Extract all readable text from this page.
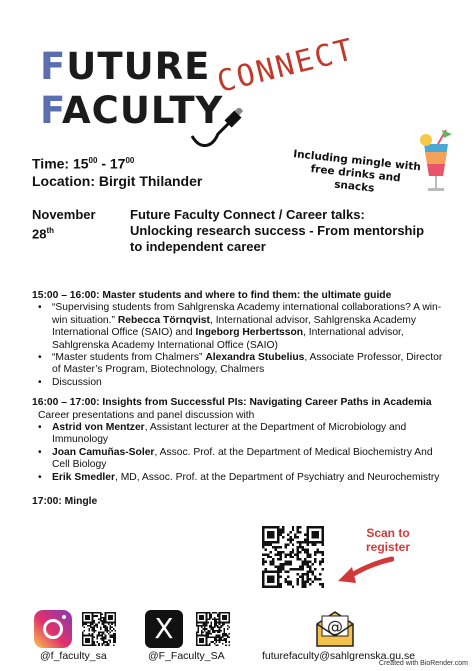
FUTURE
FACULTY
CONNECT
Time: $15^{00} - 17^{00}$
Location: Birgit Thilander
Including mingle with free drinks and snacks
November
28th
Future Faculty Connect / Career talks:
Unlocking research success - From mentorship
to independent career
15:00 – 16:00: Master students and where to find them: the ultimate guide
• “Supervising students from Sahlgrenska Academy international collaborations? A win-win situation.” Rebecca Törnqvist, International advisor, Sahlgrenska Academy International Office (SAIO) and Ingeborg Herbertsson, International advisor, Sahlgrenska Academy International Office (SAIO)
• “Master students from Chalmers” Alexandra Stubelius, Associate Professor, Director of Master’s Program, Biotechnology, Chalmers
• Discussion
16:00 – 17:00: Insights from Successful PIs: Navigating Career Paths in Academia
Career presentations and panel discussion with
• Astrid von Mentzer, Assistant lecturer at the Department of Microbiology and Immunology
• Joan Camuñas-Soler, Assoc. Prof. at the Department of Medical Biochemistry And Cell Biology
• Erik Smedler, MD, Assoc. Prof. at the Department of Psychiatry and Neurochemistry
17:00: Mingle
Scan to
register
@f_faculty_sa
X
@F_Faculty_SA
@
futurefaculty@sahlgrenska.gu.se
Created with BioRender.com
